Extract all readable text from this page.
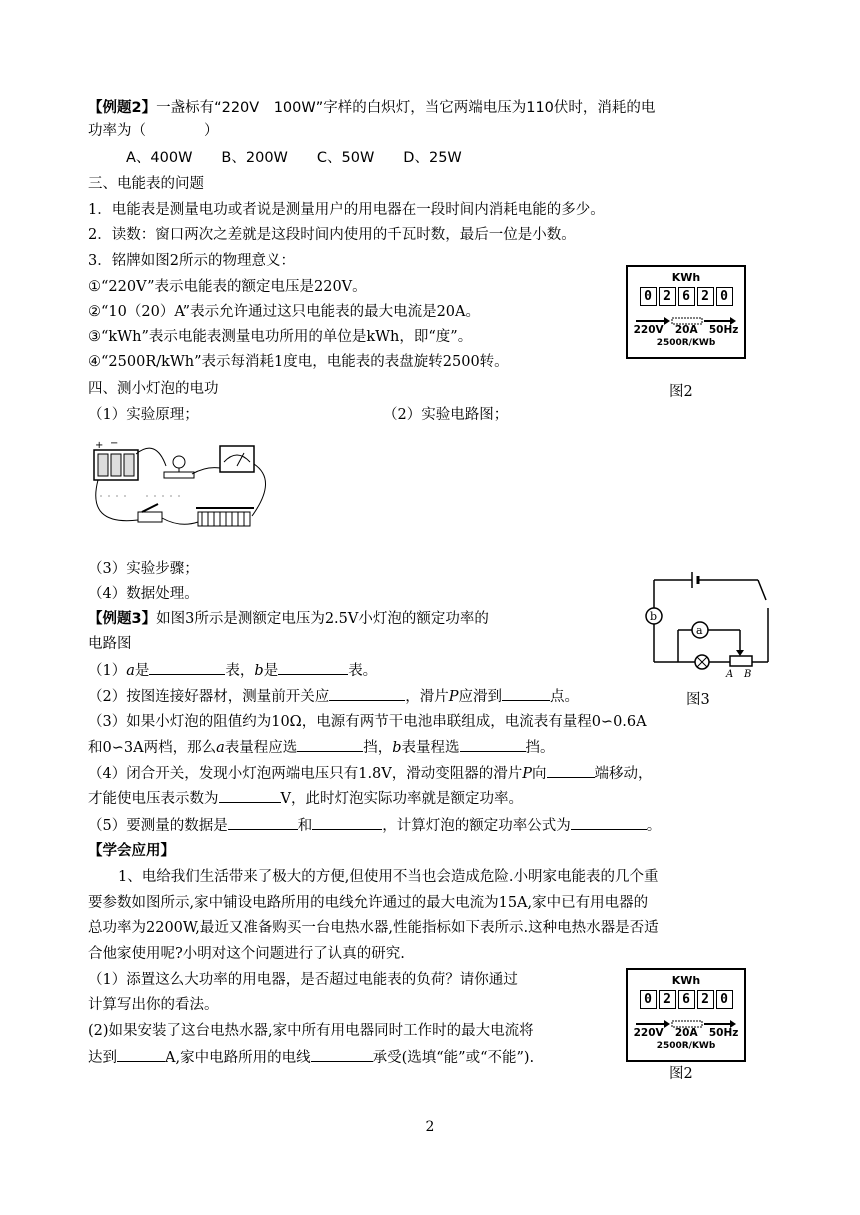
【例题2】一盏标有“220V　100W”字样的白炽灯，当它两端电压为110伏时，消耗的电
功率为（　　　　）
A、400W　　B、200W　　C、50W　　D、25W
三、电能表的问题
1．电能表是测量电功或者说是测量用户的用电器在一段时间内消耗电能的多少。
2．读数：窗口两次之差就是这段时间内使用的千瓦时数，最后一位是小数。
3．铭牌如图2所示的物理意义：
①“220V”表示电能表的额定电压是220V。
②“10（20）A”表示允许通过这只电能表的最大电流是20A。
③“kWh”表示电能表测量电功所用的单位是kWh，即“度”。
④“2500R/kWh”表示每消耗1度电，电能表的表盘旋转2500转。
KWh
0 2 6 2 0
220V 20A 50Hz
2500R/KWb
图2
四、测小灯泡的电功
（1）实验原理；	（2）实验电路图；
+ −
（3）实验步骤；
（4）数据处理。
【例题3】如图3所示是测额定电压为2.5V小灯泡的额定功率的
电路图
（1）a是	表，b是	表。
（2）按图连接好器材，测量前开关应	，滑片P应滑到	点。	图3
b
a
A B
（3）如果小灯泡的阻值约为10Ω，电源有两节干电池串联组成，电流表有量程0∽0.6A
和0∽3A两档，那么a表量程应选	挡，b表量程选	挡。
（4）闭合开关，发现小灯泡两端电压只有1.8V，滑动变阻器的滑片P向	端移动，
才能使电压表示数为	V，此时灯泡实际功率就是额定功率。
（5）要测量的数据是	和	，计算灯泡的额定功率公式为	。
【学会应用】
1、电给我们生活带来了极大的方便,但使用不当也会造成危险.小明家电能表的几个重
要参数如图所示,家中铺设电路所用的电线允许通过的最大电流为15A,家中已有用电器的
总功率为2200W,最近又准备购买一台电热水器,性能指标如下表所示.这种电热水器是否适
合他家使用呢?小明对这个问题进行了认真的研究.
（1）添置这么大功率的用电器，是否超过电能表的负荷？请你通过
计算写出你的看法。
(2)如果安装了这台电热水器,家中所有用电器同时工作时的最大电流将
达到	A,家中电路所用的电线	承受(选填“能”或“不能”).
KWh
0 2 6 2 0
220V 20A 50Hz
2500R/KWb
图2
2
